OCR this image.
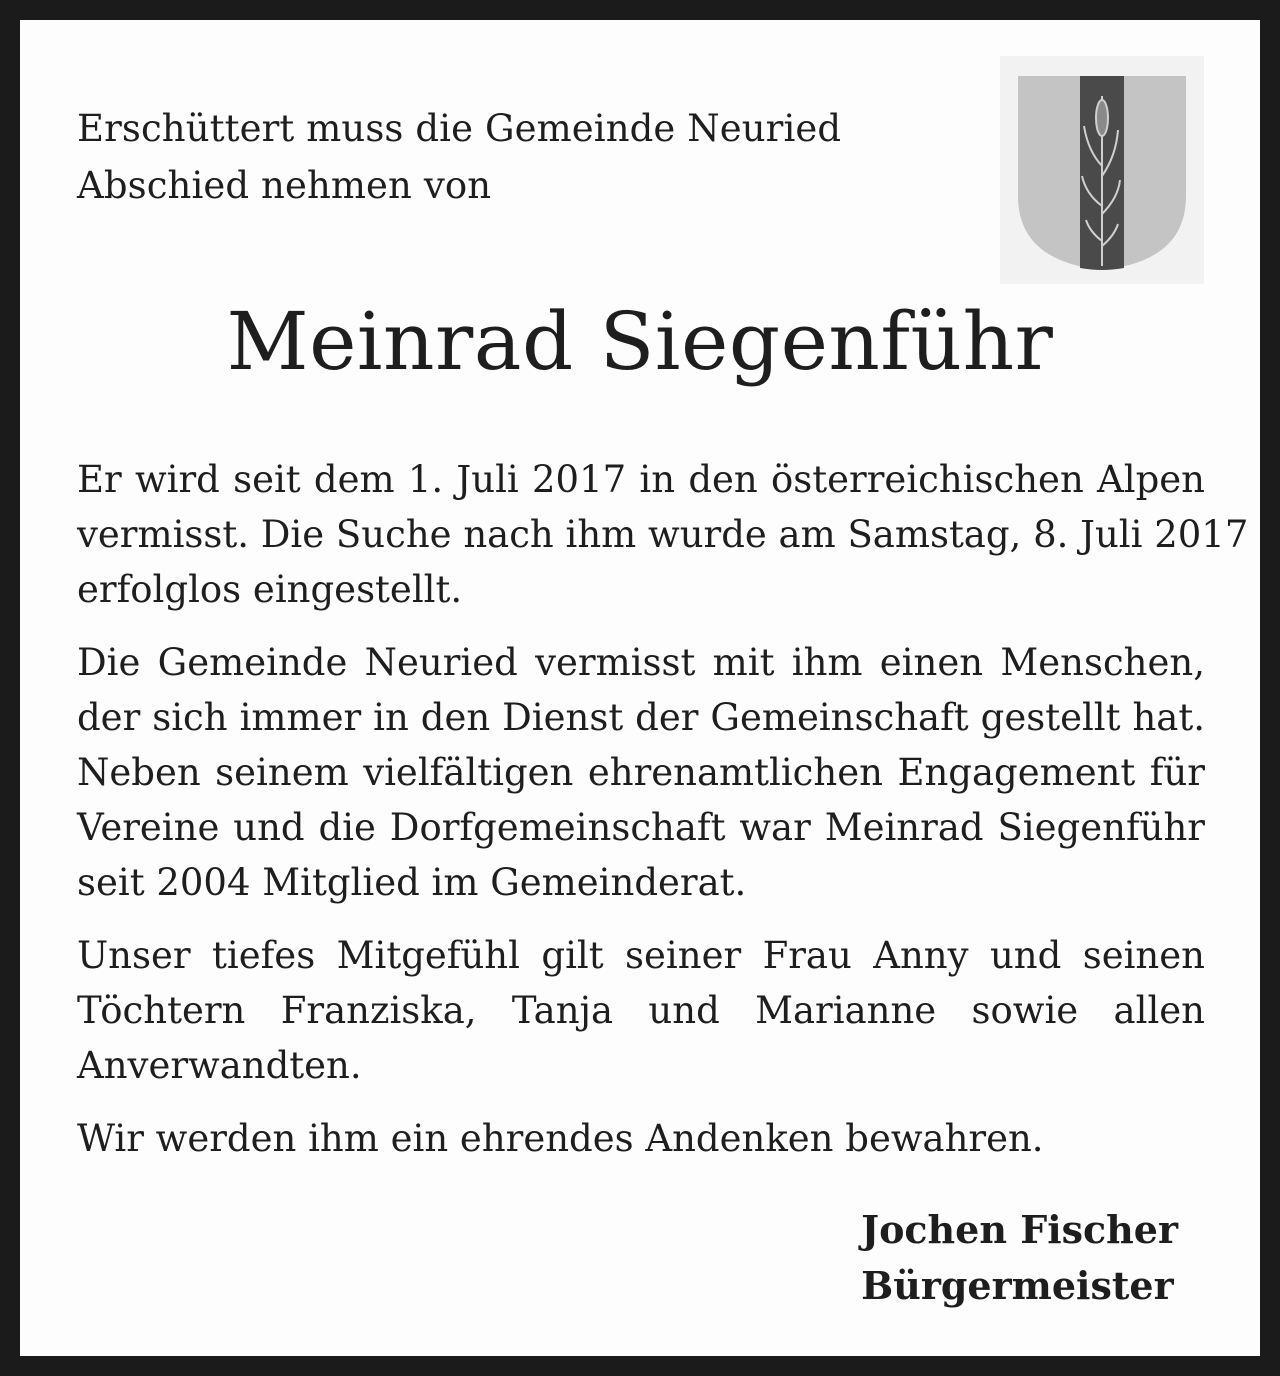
Erschüttert muss die Gemeinde Neuried
Abschied nehmen von
Meinrad Siegenführ
Er wird seit dem 1. Juli 2017 in den österreichischen Alpen
vermisst. Die Suche nach ihm wurde am Samstag, 8. Juli 2017
erfolglos eingestellt.
Die Gemeinde Neuried vermisst mit ihm einen Menschen,
der sich immer in den Dienst der Gemeinschaft gestellt hat.
Neben seinem vielfältigen ehrenamtlichen Engagement für
Vereine und die Dorfgemeinschaft war Meinrad Siegenführ
seit 2004 Mitglied im Gemeinderat.
Unser tiefes Mitgefühl gilt seiner Frau Anny und seinen
Töchtern Franziska, Tanja und Marianne sowie allen
Anverwandten.
Wir werden ihm ein ehrendes Andenken bewahren.
Jochen Fischer
Bürgermeister
